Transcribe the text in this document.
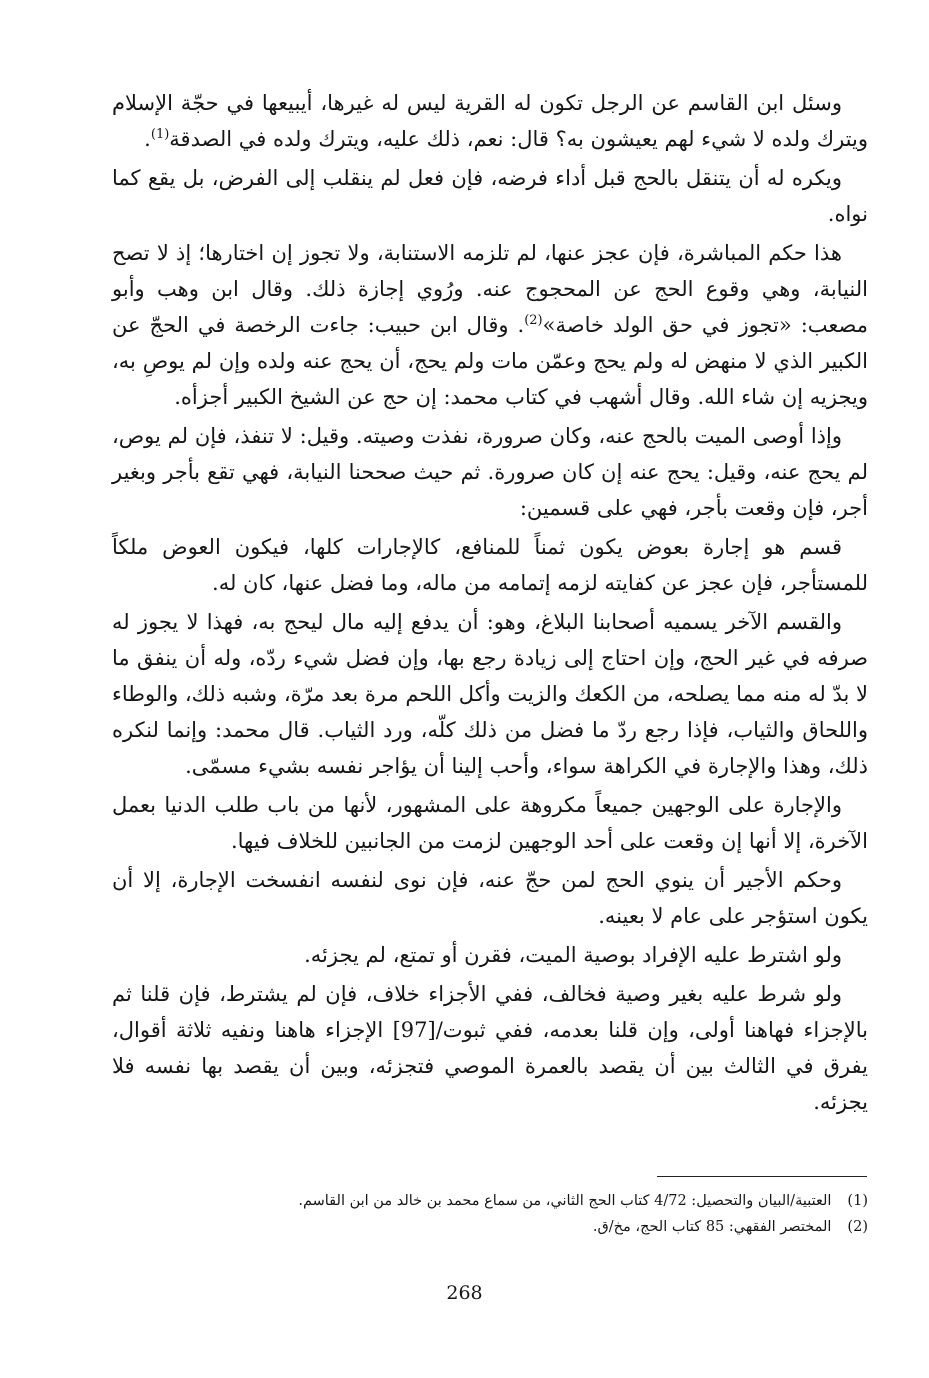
وسئل ابن القاسم عن الرجل تكون له القرية ليس له غيرها، أيبيعها في حجّة الإسلام ويترك ولده لا شيء لهم يعيشون به؟ قال: نعم، ذلك عليه، ويترك ولده في الصدقة$^{(1)}$.

ويكره له أن يتنقل بالحج قبل أداء فرضه، فإن فعل لم ينقلب إلى الفرض، بل يقع كما نواه.

هذا حكم المباشرة، فإن عجز عنها، لم تلزمه الاستنابة، ولا تجوز إن اختارها؛ إذ لا تصح النيابة، وهي وقوع الحج عن المحجوج عنه. ورُوي إجازة ذلك. وقال ابن وهب وأبو مصعب: «تجوز في حق الولد خاصة»$^{(2)}$. وقال ابن حبيب: جاءت الرخصة في الحجّ عن الكبير الذي لا منهض له ولم يحج وعمّن مات ولم يحج، أن يحج عنه ولده وإن لم يوصِ به، ويجزيه إن شاء الله. وقال أشهب في كتاب محمد: إن حج عن الشيخ الكبير أجزأه.

وإذا أوصى الميت بالحج عنه، وكان صرورة، نفذت وصيته. وقيل: لا تنفذ، فإن لم يوص، لم يحج عنه، وقيل: يحج عنه إن كان صرورة. ثم حيث صححنا النيابة، فهي تقع بأجر وبغير أجر، فإن وقعت بأجر، فهي على قسمين:

قسم هو إجارة بعوض يكون ثمناً للمنافع، كالإجارات كلها، فيكون العوض ملكاً للمستأجر، فإن عجز عن كفايته لزمه إتمامه من ماله، وما فضل عنها، كان له.

والقسم الآخر يسميه أصحابنا البلاغ، وهو: أن يدفع إليه مال ليحج به، فهذا لا يجوز له صرفه في غير الحج، وإن احتاج إلى زيادة رجع بها، وإن فضل شيء ردّه، وله أن ينفق ما لا بدّ له منه مما يصلحه، من الكعك والزيت وأكل اللحم مرة بعد مرّة، وشبه ذلك، والوطاء واللحاق والثياب، فإذا رجع ردّ ما فضل من ذلك كلّه، ورد الثياب. قال محمد: وإنما لنكره ذلك، وهذا والإجارة في الكراهة سواء، وأحب إلينا أن يؤاجر نفسه بشيء مسمّى.

والإجارة على الوجهين جميعاً مكروهة على المشهور، لأنها من باب طلب الدنيا بعمل الآخرة، إلا أنها إن وقعت على أحد الوجهين لزمت من الجانبين للخلاف فيها.

وحكم الأجير أن ينوي الحج لمن حجّ عنه، فإن نوى لنفسه انفسخت الإجارة، إلا أن يكون استؤجر على عام لا بعينه.

ولو اشترط عليه الإفراد بوصية الميت، فقرن أو تمتع، لم يجزئه.

ولو شرط عليه بغير وصية فخالف، ففي الأجزاء خلاف، فإن لم يشترط، فإن قلنا ثم بالإجزاء فهاهنا أولى، وإن قلنا بعدمه، ففي ثبوت/[97] الإجزاء هاهنا ونفيه ثلاثة أقوال، يفرق في الثالث بين أن يقصد بالعمرة الموصي فتجزئه، وبين أن يقصد بها نفسه فلا يجزئه.

(1)العتبية/البيان والتحصيل: 4/72 كتاب الحج الثاني، من سماع محمد بن خالد من ابن القاسم.

(2)المختصر الفقهي: 85 كتاب الحج، مخ/ق.

268
